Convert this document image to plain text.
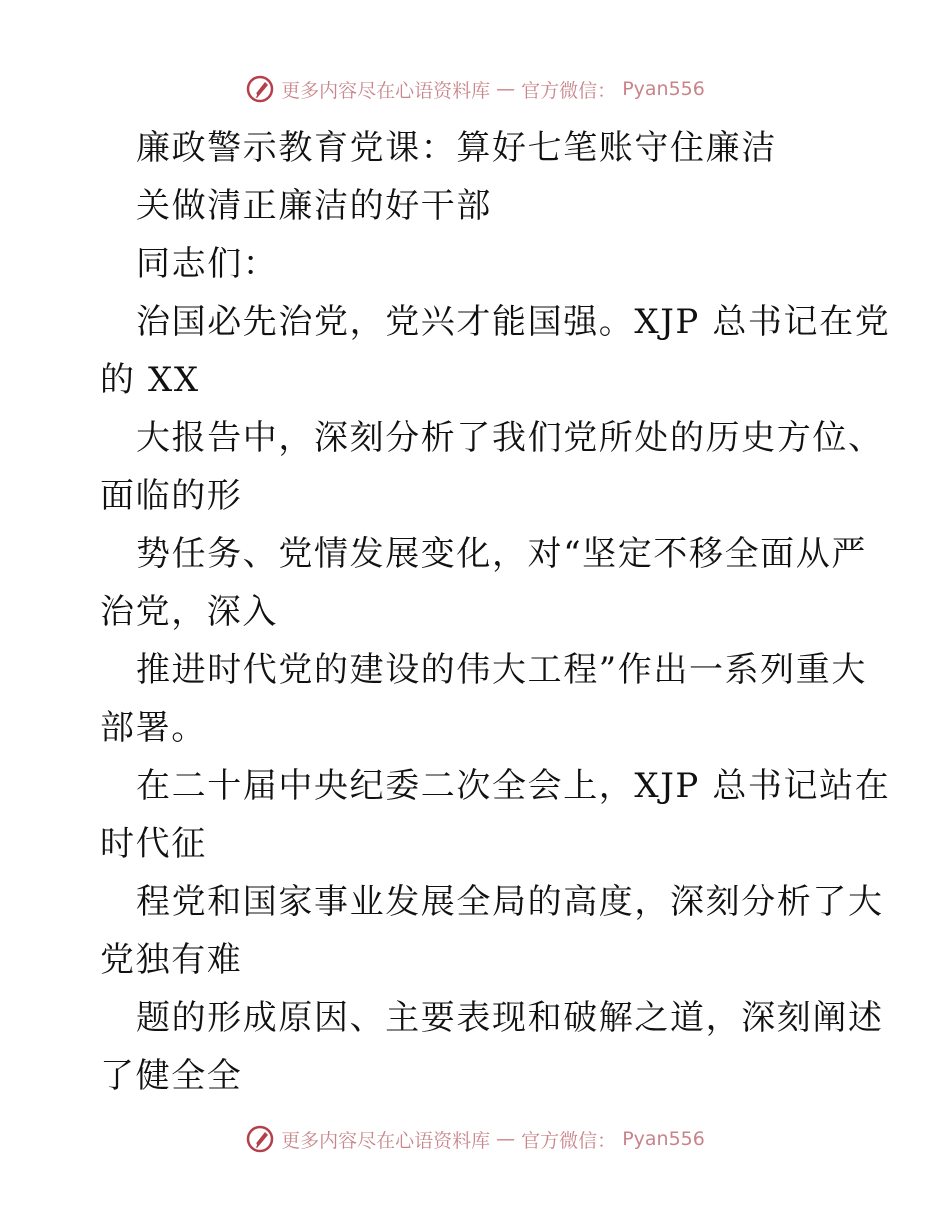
更多内容尽在心语资料库 — 官方微信： Pyan556
廉政警示教育党课：算好七笔账守住廉洁
关做清正廉洁的好干部
同志们：
治国必先治党，党兴才能国强。XJP 总书记在党
的 XX
大报告中，深刻分析了我们党所处的历史方位、
面临的形
势任务、党情发展变化，对“坚定不移全面从严
治党，深入
推进时代党的建设的伟大工程”作出一系列重大
部署。
在二十届中央纪委二次全会上，XJP 总书记站在
时代征
程党和国家事业发展全局的高度，深刻分析了大
党独有难
题的形成原因、主要表现和破解之道，深刻阐述
了健全全
更多内容尽在心语资料库 — 官方微信： Pyan556
